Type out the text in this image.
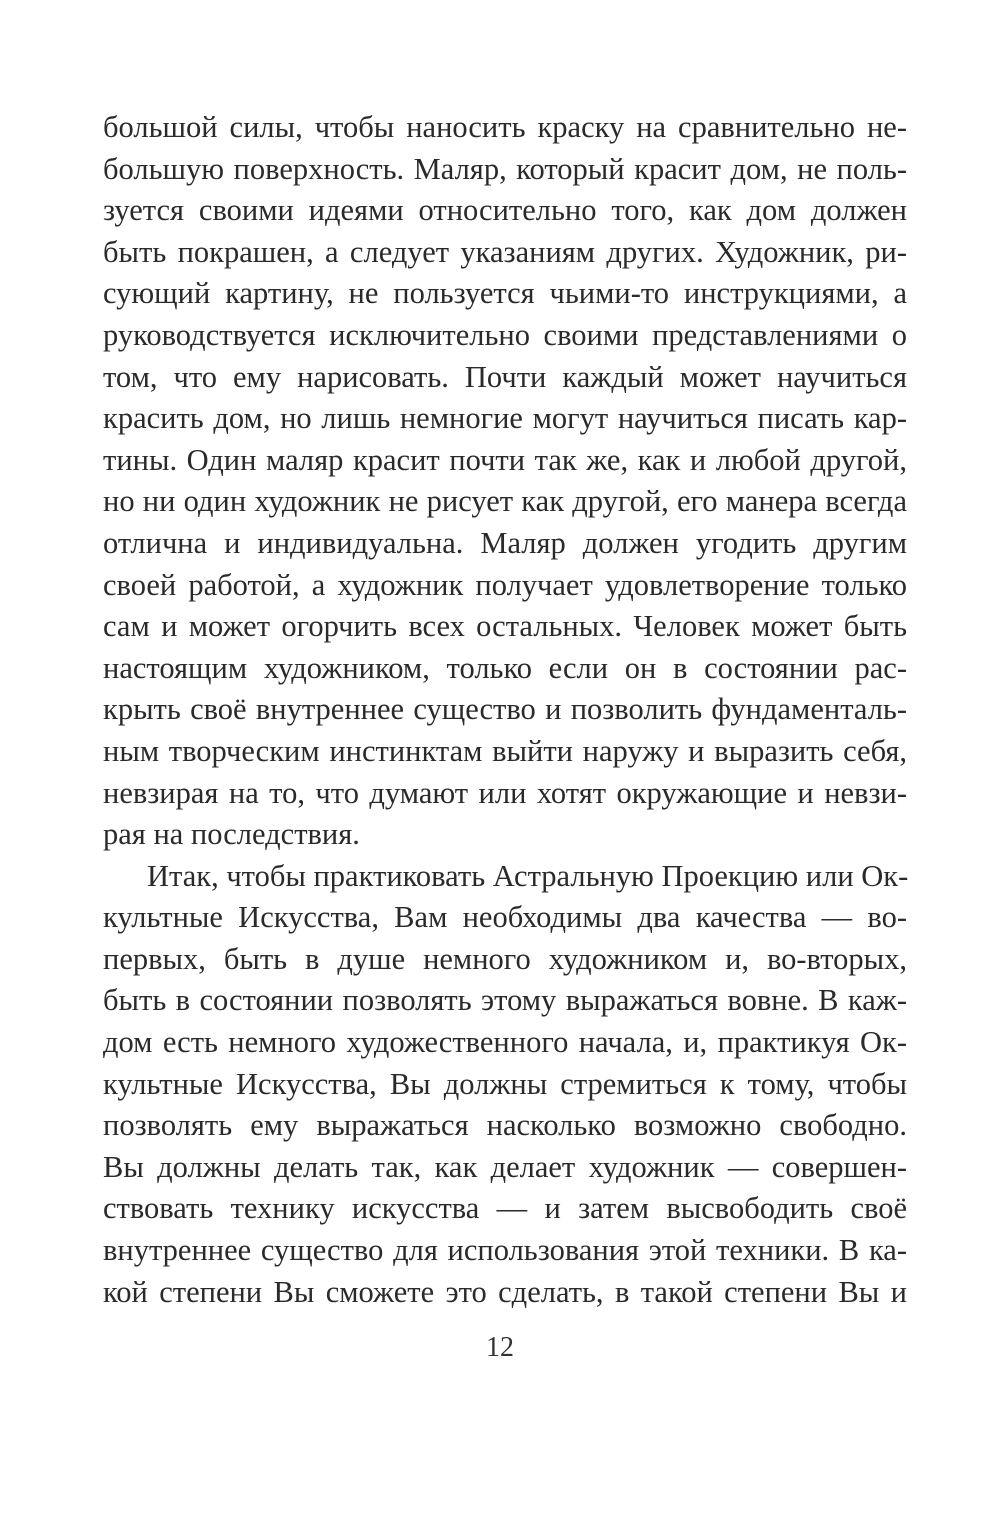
большой силы, чтобы наносить краску на сравнительно не-
большую поверхность. Маляр, который красит дом, не поль-
зуется своими идеями относительно того, как дом должен
быть покрашен, а следует указаниям других. Художник, ри-
сующий картину, не пользуется чьими-то инструкциями, а
руководствуется исключительно своими представлениями о
том, что ему нарисовать. Почти каждый может научиться
красить дом, но лишь немногие могут научиться писать кар-
тины. Один маляр красит почти так же, как и любой другой,
но ни один художник не рисует как другой, его манера всегда
отлична и индивидуальна. Маляр должен угодить другим
своей работой, а художник получает удовлетворение только
сам и может огорчить всех остальных. Человек может быть
настоящим художником, только если он в состоянии рас-
крыть своё внутреннее существо и позволить фундаменталь-
ным творческим инстинктам выйти наружу и выразить себя,
невзирая на то, что думают или хотят окружающие и невзи-
рая на последствия.
Итак, чтобы практиковать Астральную Проекцию или Ок-
культные Искусства, Вам необходимы два качества — во-
первых, быть в душе немного художником и, во-вторых,
быть в состоянии позволять этому выражаться вовне. В каж-
дом есть немного художественного начала, и, практикуя Ок-
культные Искусства, Вы должны стремиться к тому, чтобы
позволять ему выражаться насколько возможно свободно.
Вы должны делать так, как делает художник — совершен-
ствовать технику искусства — и затем высвободить своё
внутреннее существо для использования этой техники. В ка-
кой степени Вы сможете это сделать, в такой степени Вы и
12
